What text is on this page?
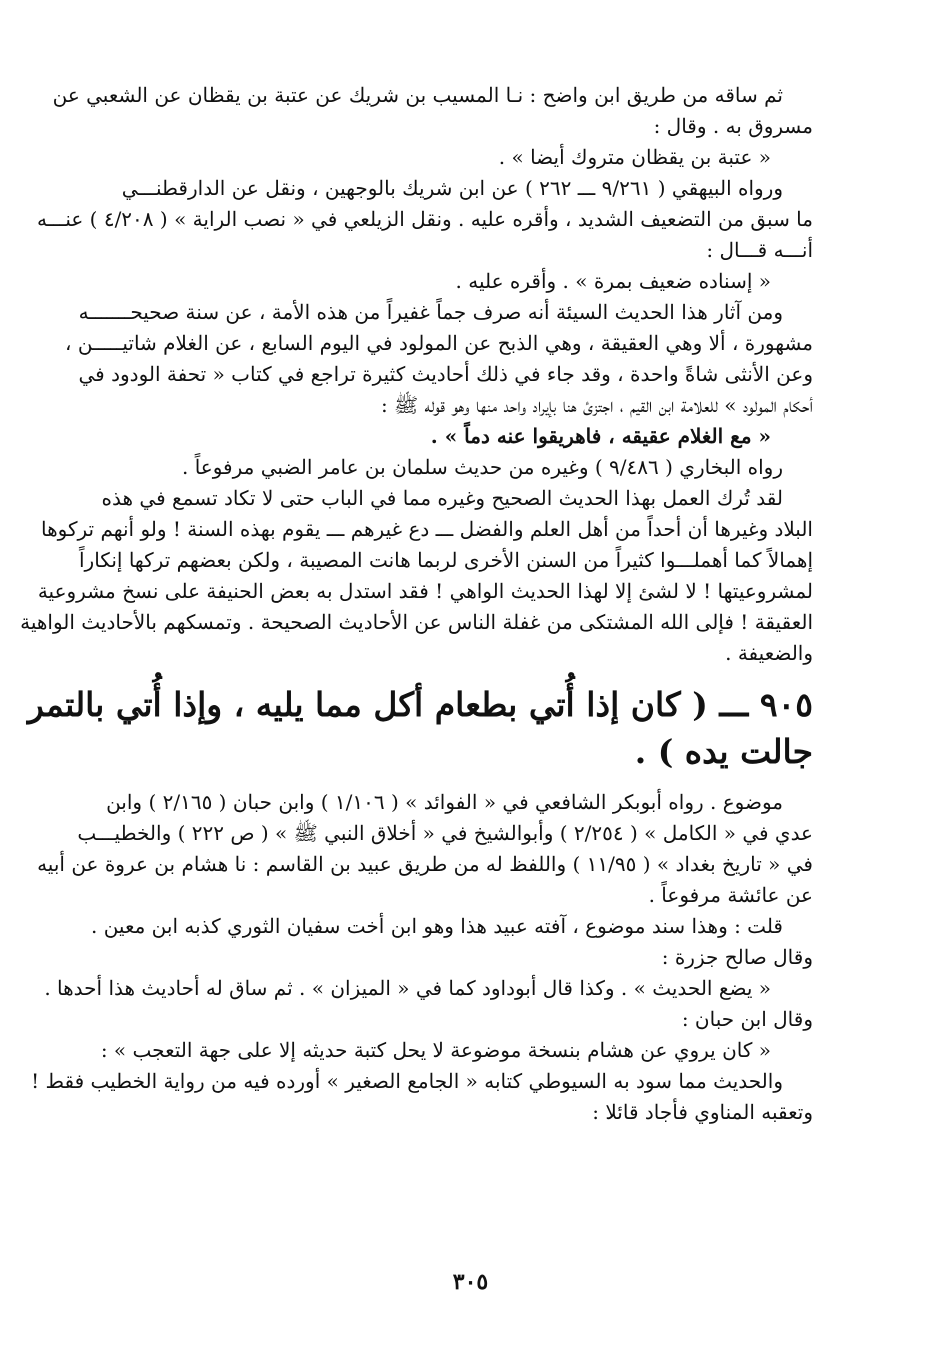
ثم ساقه من طريق ابن واضح : نـا المسيب بن شريك عن عتبة بن يقظان عن الشعبي عن

مسروق به . وقال :

« عتبة بن يقظان متروك أيضا » .

ورواه البيهقي ( ٩/٢٦١ ـــ ٢٦٢ ) عن ابن شريك بالوجهين ، ونقل عن الدارقطنـــي

ما سبق من التضعيف الشديد ، وأقره عليه . ونقل الزيلعي في « نصب الراية » ( ٤/٢٠٨ ) عنـــه

أنـــه قـــال :

« إسناده ضعيف بمرة » . وأقره عليه .

ومن آثار هذا الحديث السيئة أنه صرف جماً غفيراً من هذه الأمة ، عن سنة صحيحـــــــه

مشهورة ، ألا وهي العقيقة ، وهي الذبح عن المولود في اليوم السابع ، عن الغلام شاتيـــــن ،

وعن الأنثى شاةً واحدة ، وقد جاء في ذلك أحاديث كثيرة تراجع في كتاب « تحفة الودود في

أحكام المولود » للعلامة ابن القيم ، اجتزئ هنا بإيراد واحد منها وهو قوله ﷺ :

« مع الغلام عقيقه ، فاهريقوا عنه دماً » .

رواه البخاري ( ٩/٤٨٦ ) وغيره من حديث سلمان بن عامر الضبي مرفوعاً .

لقد تُرك العمل بهذا الحديث الصحيح وغيره مما في الباب حتى لا تكاد تسمع في هذه

البلاد وغيرها أن أحداً من أهل العلم والفضل ـــ دع غيرهم ـــ يقوم بهذه السنة ! ولو أنهم تركوها

إهمالاً كما أهملـــوا كثيراً من السنن الأخرى لربما هانت المصيبة ، ولكن بعضهم تركها إنكاراً

لمشروعيتها ! لا لشئ إلا لهذا الحديث الواهي ! فقد استدل به بعض الحنيفة على نسخ مشروعية

العقيقة ! فإلى الله المشتكى من غفلة الناس عن الأحاديث الصحيحة . وتمسكهم بالأحاديث الواهية

والضعيفة .

٩٠٥ ـــ ( كان إذا أُتي بطعام أكل مما يليه ، وإذا أُتي بالتمر
جالت يده ) .

موضوع . رواه أبوبكر الشافعي في « الفوائد » ( ١/١٠٦ ) وابن حبان ( ٢/١٦٥ ) وابن

عدي في « الكامل » ( ٢/٢٥٤ ) وأبوالشيخ في « أخلاق النبي ﷺ » ( ص ٢٢٢ ) والخطيـــب

في « تاريخ بغداد » ( ١١/٩٥ ) واللفظ له من طريق عبيد بن القاسم : نا هشام بن عروة عن أبيه

عن عائشة مرفوعاً .

قلت : وهذا سند موضوع ، آفته عبيد هذا وهو ابن أخت سفيان الثوري كذبه ابن معين .

وقال صالح جزرة :

« يضع الحديث » . وكذا قال أبوداود كما في « الميزان » . ثم ساق له أحاديث هذا أحدها .

وقال ابن حبان :

« كان يروي عن هشام بنسخة موضوعة لا يحل كتبة حديثه إلا على جهة التعجب » :

والحديث مما سود به السيوطي كتابه « الجامع الصغير » أورده فيه من رواية الخطيب فقط !

وتعقبه المناوي فأجاد قائلا :

٣٠٥
